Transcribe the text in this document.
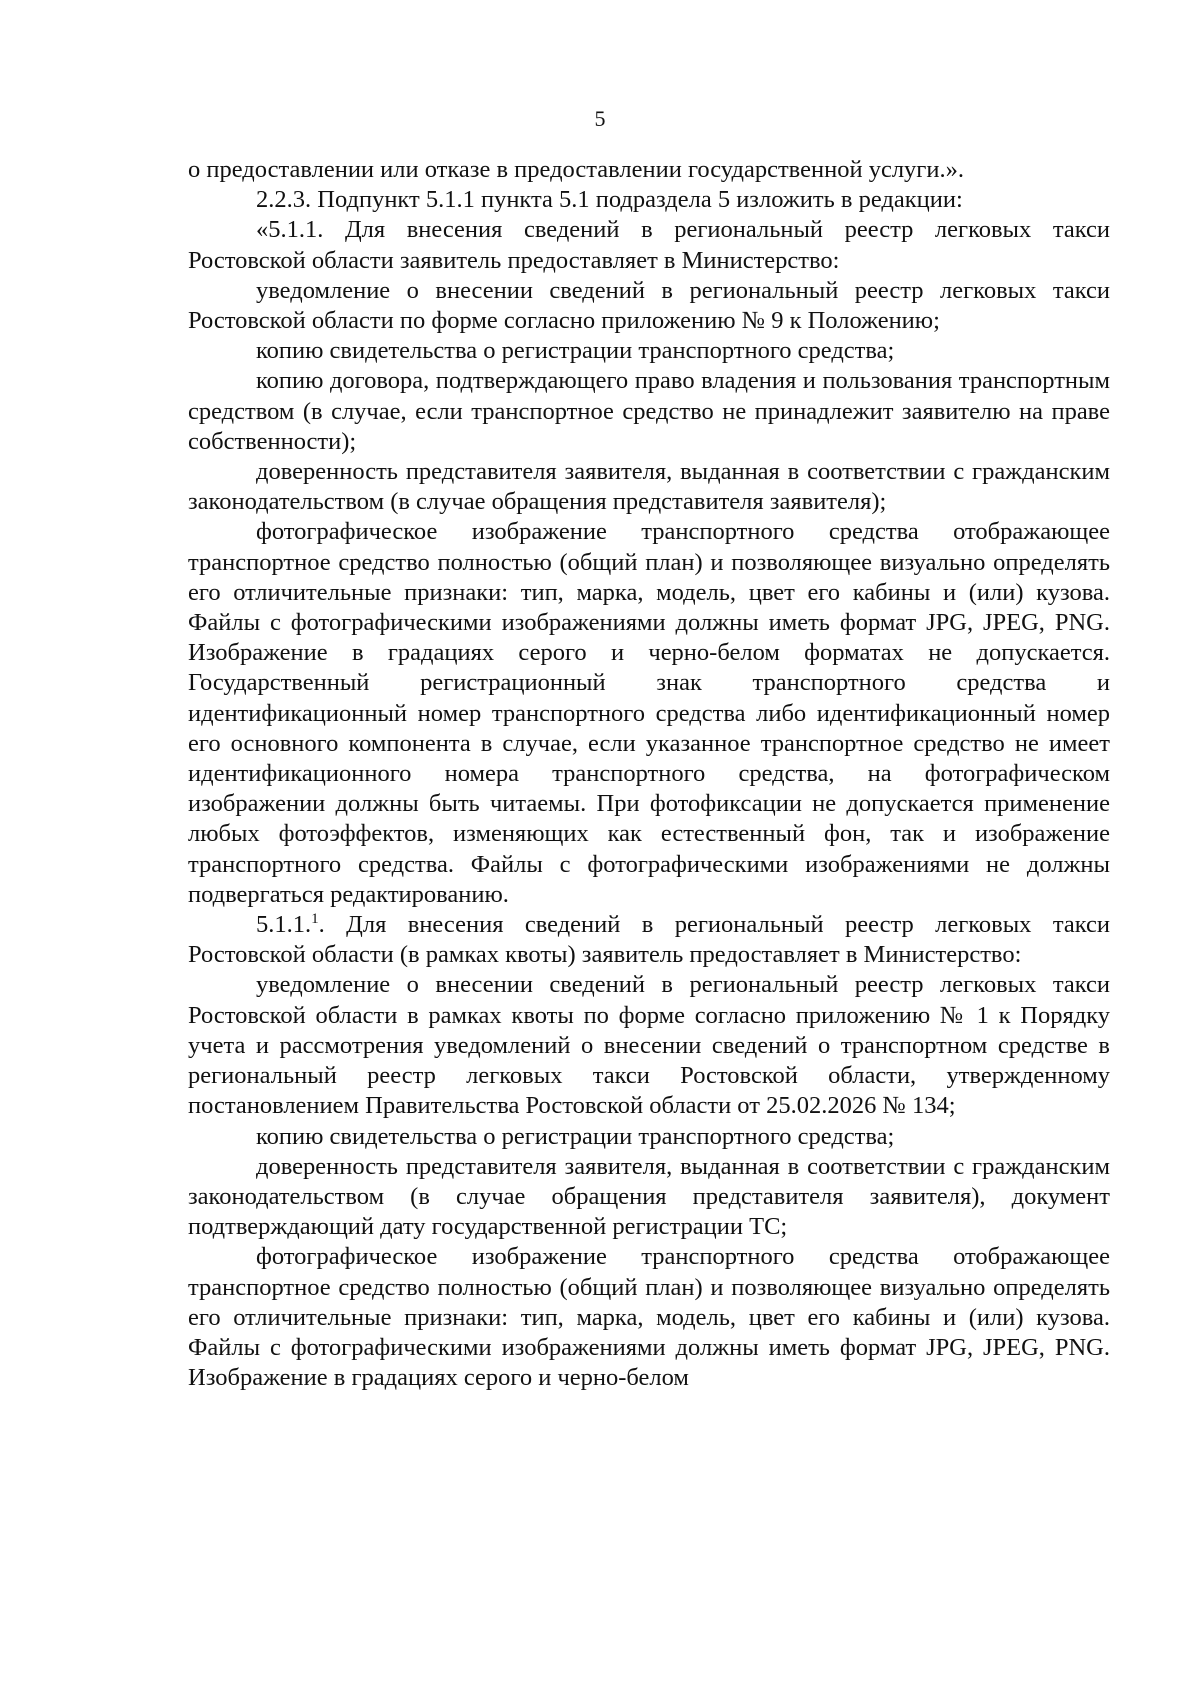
5

о предоставлении или отказе в предоставлении государственной услуги.».

2.2.3. Подпункт 5.1.1 пункта 5.1 подраздела 5 изложить в редакции:

«5.1.1. Для внесения сведений в региональный реестр легковых такси Ростовской области заявитель предоставляет в Министерство:

уведомление о внесении сведений в региональный реестр легковых такси Ростовской области по форме согласно приложению № 9 к Положению;

копию свидетельства о регистрации транспортного средства;

копию договора, подтверждающего право владения и пользования транспортным средством (в случае, если транспортное средство не принадлежит заявителю на праве собственности);

доверенность представителя заявителя, выданная в соответствии с гражданским законодательством (в случае обращения представителя заявителя);

фотографическое изображение транспортного средства отображающее транспортное средство полностью (общий план) и позволяющее визуально определять его отличительные признаки: тип, марка, модель, цвет его кабины и (или) кузова. Файлы с фотографическими изображениями должны иметь формат JPG, JPEG, PNG. Изображение в градациях серого и черно-белом форматах не допускается. Государственный регистрационный знак транспортного средства и идентификационный номер транспортного средства либо идентификационный номер его основного компонента в случае, если указанное транспортное средство не имеет идентификационного номера транспортного средства, на фотографическом изображении должны быть читаемы. При фотофиксации не допускается применение любых фотоэффектов, изменяющих как естественный фон, так и изображение транспортного средства. Файлы с фотографическими изображениями не должны подвергаться редактированию.

5.1.1.$^1$. Для внесения сведений в региональный реестр легковых такси Ростовской области (в рамках квоты) заявитель предоставляет в Министерство:

уведомление о внесении сведений в региональный реестр легковых такси Ростовской области в рамках квоты по форме согласно приложению № 1 к Порядку учета и рассмотрения уведомлений о внесении сведений о транспортном средстве в региональный реестр легковых такси Ростовской области, утвержденному постановлением Правительства Ростовской области от 25.02.2026 № 134;

копию свидетельства о регистрации транспортного средства;

доверенность представителя заявителя, выданная в соответствии с гражданским законодательством (в случае обращения представителя заявителя), документ подтверждающий дату государственной регистрации ТС;

фотографическое изображение транспортного средства отображающее транспортное средство полностью (общий план) и позволяющее визуально определять его отличительные признаки: тип, марка, модель, цвет его кабины и (или) кузова. Файлы с фотографическими изображениями должны иметь формат JPG, JPEG, PNG. Изображение в градациях серого и черно-белом
